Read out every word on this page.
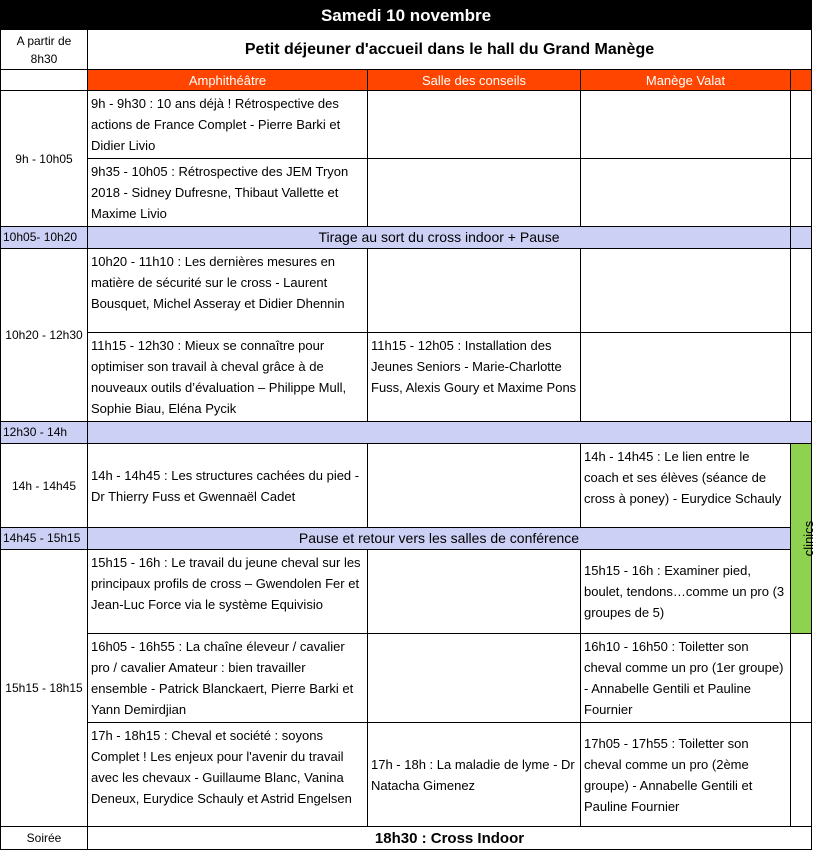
Samedi 10 novembre				
A partir de 8h30	Petit déjeuner d'accueil dans le hall du Grand Manège			
	Amphithéâtre	Salle des conseils	Manège Valat	
9h - 10h05	9h - 9h30 : 10 ans déjà ! Rétrospective des actions de France Complet - Pierre Barki et Didier Livio			
	9h35 - 10h05 : Rétrospective des JEM Tryon 2018 - Sidney Dufresne, Thibaut Vallette et Maxime Livio			
10h05- 10h20	Tirage au sort du cross indoor + Pause			
10h20 - 12h30	10h20 - 11h10 : Les dernières mesures en matière de sécurité sur le cross - Laurent Bousquet, Michel Asseray et Didier Dhennin			
	11h15 - 12h30 : Mieux se connaître pour optimiser son travail à cheval grâce à de nouveaux outils d’évaluation – Philippe Mull, Sophie Biau, Eléna Pycik	11h15 - 12h05 : Installation des Jeunes Seniors - Marie-Charlotte Fuss, Alexis Goury et Maxime Pons		
12h30 - 14h				
14h - 14h45	14h - 14h45 : Les structures cachées du pied - Dr Thierry Fuss et Gwennaël Cadet		14h - 14h45 : Le lien entre le coach et ses élèves (séance de cross à poney) - Eurydice Schauly	clinics
14h45 - 15h15	Pause et retour vers les salles de conférence			
15h15 - 18h15	15h15 - 16h : Le travail du jeune cheval sur les principaux profils de cross – Gwendolen Fer et Jean-Luc Force via le système Equivisio		15h15 - 16h : Examiner pied, boulet, tendons…comme un pro (3 groupes de 5)	
	16h05 - 16h55 : La chaîne éleveur / cavalier pro / cavalier Amateur : bien travailler ensemble - Patrick Blanckaert, Pierre Barki et Yann Demirdjian		16h10 - 16h50 : Toiletter son cheval comme un pro (1er groupe) - Annabelle Gentili et Pauline Fournier	
	17h - 18h15 : Cheval et société : soyons Complet ! Les enjeux pour l'avenir du travail avec les chevaux - Guillaume Blanc, Vanina Deneux, Eurydice Schauly et Astrid Engelsen	17h - 18h : La maladie de lyme - Dr Natacha Gimenez	17h05 - 17h55 : Toiletter son cheval comme un pro (2ème groupe) - Annabelle Gentili et Pauline Fournier	
Soirée	18h30 : Cross Indoor			
